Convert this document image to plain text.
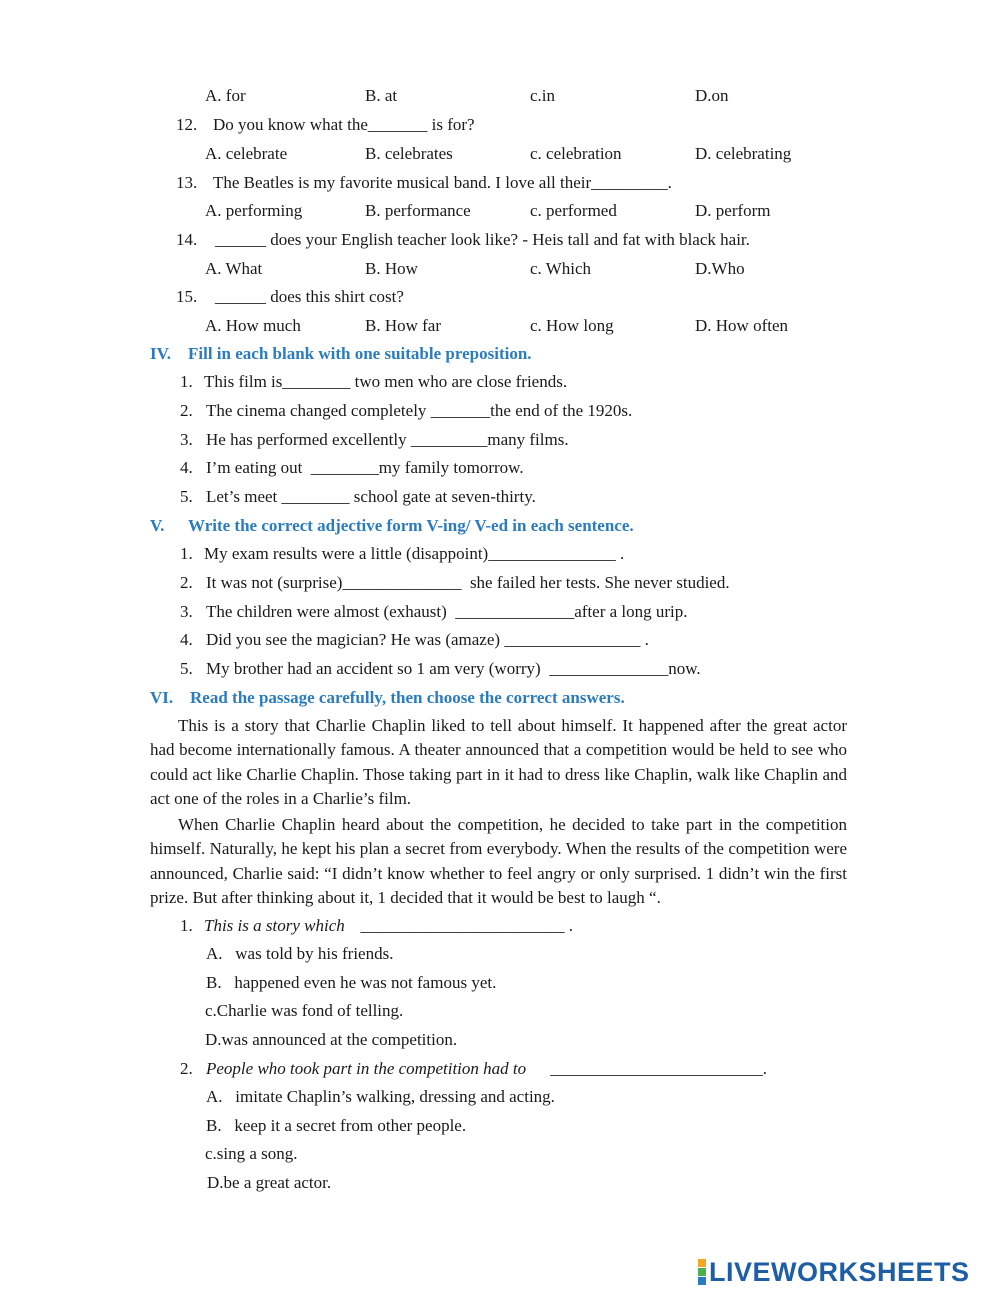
A. for	B. at	c.in	D.on
12. Do you know what the_______ is for?
A. celebrate	B. celebrates	c. celebration	D. celebrating
13. The Beatles is my favorite musical band. I love all their_________.
A. performing	B. performance	c. performed	D. perform
14. ______ does your English teacher look like? - Heis tall and fat with black hair.
A. What	B. How	c. Which	D.Who
15. ______ does this shirt cost?
A. How much	B. How far	c. How long	D. How often
IV. Fill in each blank with one suitable preposition.
1. This film is________ two men who are close friends.
2. The cinema changed completely _______the end of the 1920s.
3. He has performed excellently _________many films.
4. I’m eating out  ________my family tomorrow.
5. Let’s meet ________ school gate at seven-thirty.
V. Write the correct adjective form V-ing/ V-ed in each sentence.
1. My exam results were a little (disappoint)_______________ .
2. It was not (surprise)______________  she failed her tests. She never studied.
3. The children were almost (exhaust)  ______________after a long urip.
4. Did you see the magician? He was (amaze) ________________ .
5. My brother had an accident so 1 am very (worry)  ______________now.
VI. Read the passage carefully, then choose the correct answers.
This is a story that Charlie Chaplin liked to tell about himself. It happened after the great actor had become internationally famous. A theater announced that a competition would be held to see who could act like Charlie Chaplin. Those taking part in it had to dress like Chaplin, walk like Chaplin and act one of the roles in a Charlie’s film.
When Charlie Chaplin heard about the competition, he decided to take part in the competition himself. Naturally, he kept his plan a secret from everybody. When the results of the competition were announced, Charlie said: “I didn’t know whether to feel angry or only surprised. 1 didn’t win the first prize. But after thinking about it, 1 decided that it would be best to laugh “.
1. This is a story which ________________________ .
A.   was told by his friends.
B.   happened even he was not famous yet.
c.Charlie was fond of telling.
D.was announced at the competition.
2. People who took part in the competition had to _________________________.
A.   imitate Chaplin’s walking, dressing and acting.
B.   keep it a secret from other people.
c.sing a song.
D.be a great actor.
LIVEWORKSHEETS
